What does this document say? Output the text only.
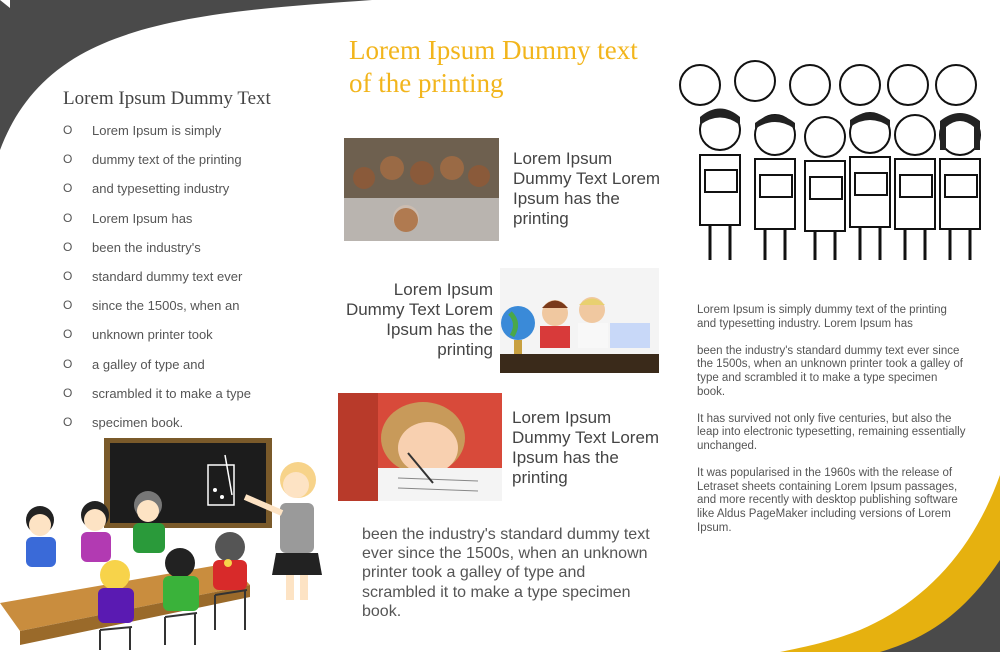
Lorem Ipsum Dummy Text
O	Lorem Ipsum is simply
O	dummy text of the printing
O	and typesetting industry
O	Lorem Ipsum has
O	been the industry's
O	standard dummy text ever
O	since the 1500s, when an
O	unknown printer took
O	a galley of type and
O	scrambled it to make a type
O	specimen book.
Lorem Ipsum Dummy text of the printing
Lorem Ipsum Dummy Text Lorem Ipsum has the printing
Lorem Ipsum Dummy Text Lorem Ipsum has the printing
Lorem Ipsum Dummy Text Lorem Ipsum has the printing
been the industry's standard dummy text ever since the 1500s, when an unknown printer took a galley of type and scrambled it to make a type specimen book.

Lorem Ipsum is simply dummy text of the printing and typesetting industry. Lorem Ipsum has

been the industry's standard dummy text ever since the 1500s, when an unknown printer took a galley of type and scrambled it to make a type specimen book.

It has survived not only five centuries, but also the leap into electronic typesetting, remaining essentially unchanged.

It was popularised in the 1960s with the release of Letraset sheets containing Lorem Ipsum passages, and more recently with desktop publishing software like Aldus PageMaker including versions of Lorem Ipsum.
